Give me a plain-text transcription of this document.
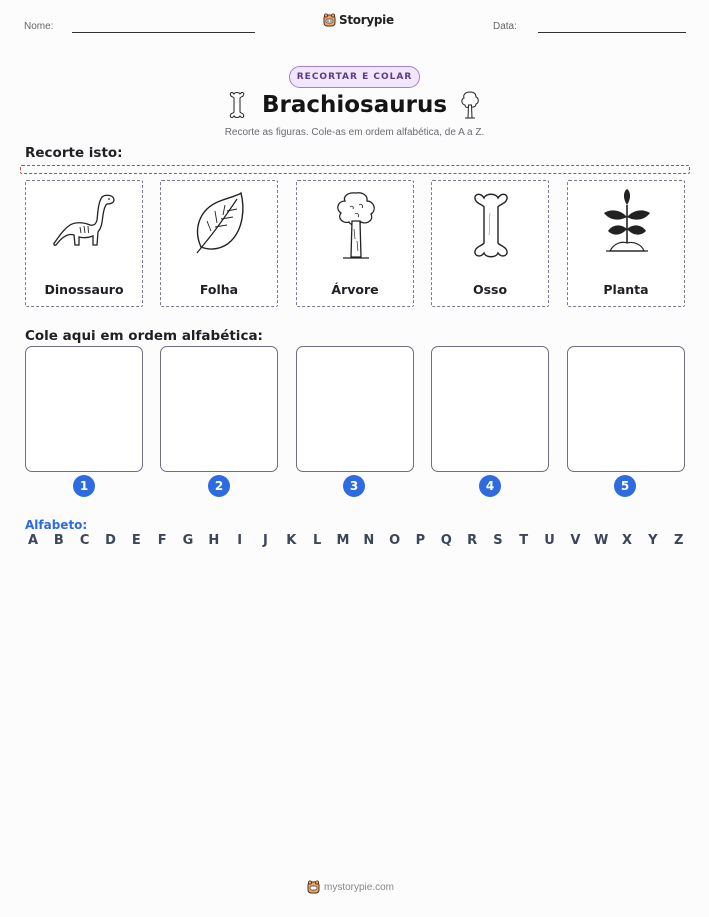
Nome:	Storypie	Data:
RECORTAR E COLAR
Brachiosaurus
Recorte as figuras. Cole-as em ordem alfabética, de A a Z.
Recorte isto:
Dinossauro	Folha	Árvore	Osso	Planta
Cole aqui em ordem alfabética:
1	2	3	4	5
Alfabeto:
A B C D E F G H	I	J	K L M N O P Q R S T U V W X Y Z
mystorypie.com
